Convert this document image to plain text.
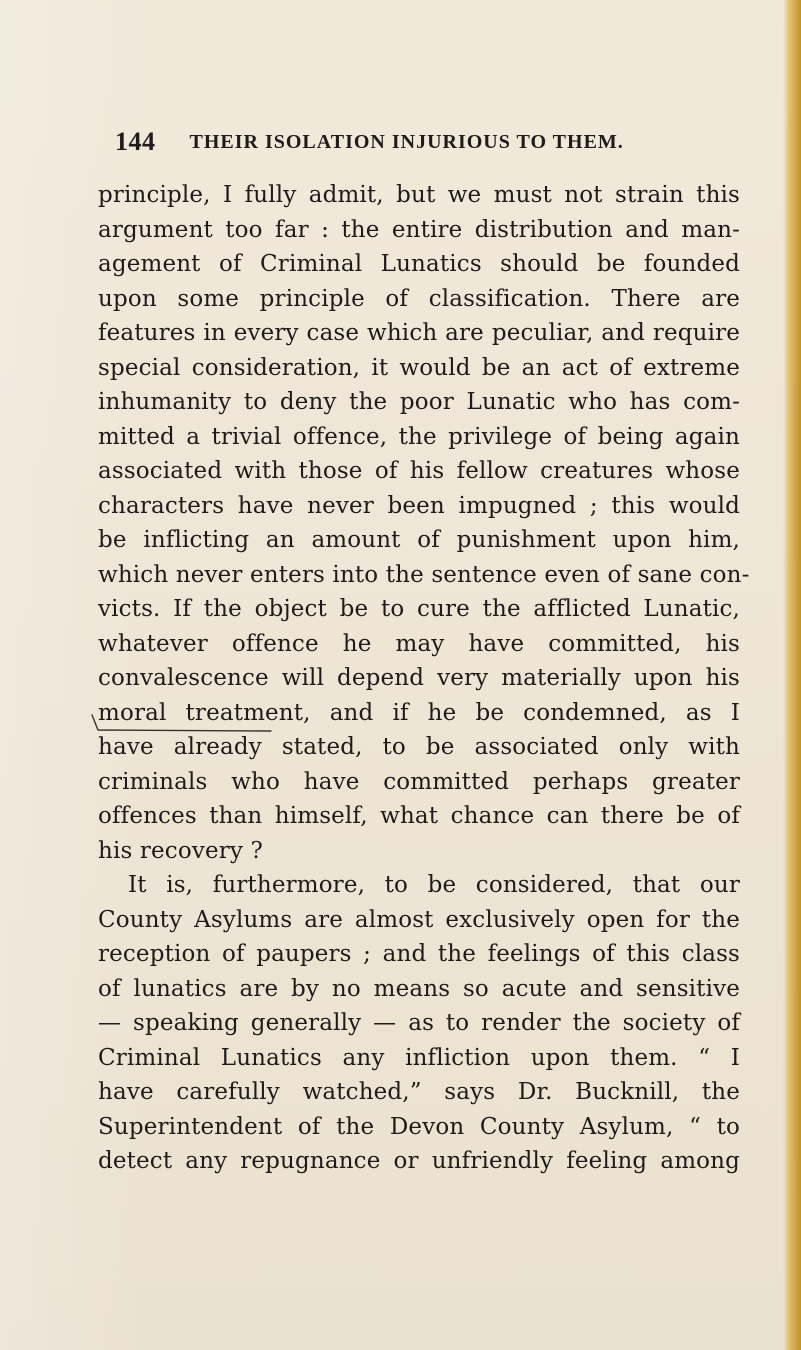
144 THEIR ISOLATION INJURIOUS TO THEM.
principle, I fully admit, but we must not strain this
argument too far : the entire distribution and man-
agement of Criminal Lunatics should be founded
upon some principle of classification. There are
features in every case which are peculiar, and require
special consideration, it would be an act of extreme
inhumanity to deny the poor Lunatic who has com-
mitted a trivial offence, the privilege of being again
associated with those of his fellow creatures whose
characters have never been impugned ; this would
be inflicting an amount of punishment upon him,
which never enters into the sentence even of sane con-
victs. If the object be to cure the afflicted Lunatic,
whatever offence he may have committed, his
convalescence will depend very materially upon his
moral treatment, and if he be condemned, as I
have already stated, to be associated only with
criminals who have committed perhaps greater
offences than himself, what chance can there be of
his recovery ?
It is, furthermore, to be considered, that our
County Asylums are almost exclusively open for the
reception of paupers ; and the feelings of this class
of lunatics are by no means so acute and sensitive
— speaking generally — as to render the society of
Criminal Lunatics any infliction upon them. “ I
have carefully watched,” says Dr. Bucknill, the
Superintendent of the Devon County Asylum, “ to
detect any repugnance or unfriendly feeling among
